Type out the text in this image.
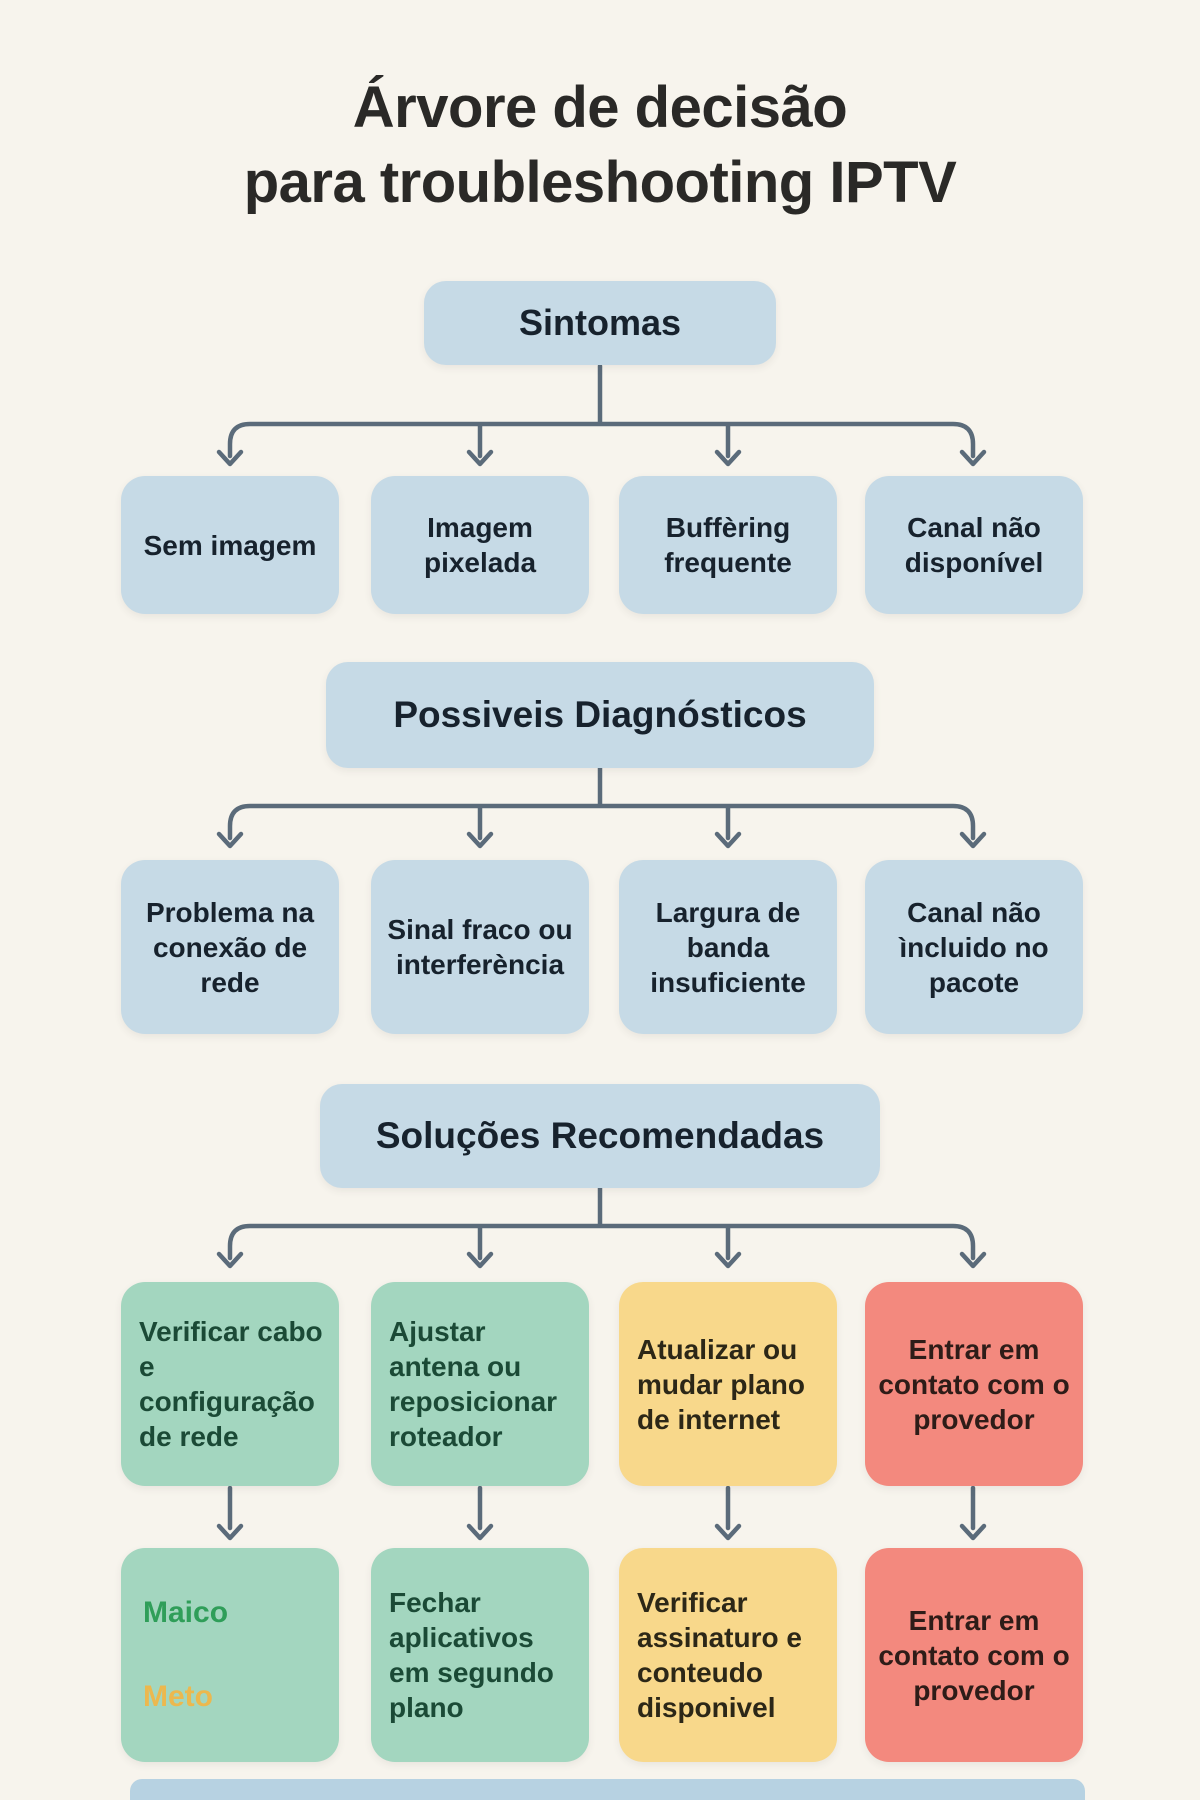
Árvore de decisão
para troubleshooting IPTV
Sintomas
Sem imagem
Imagem pixelada
Buffèring frequente
Canal não disponível
Possiveis Diagnósticos
Problema na conexão de rede
Sinal fraco ou interferència
Largura de banda insuficiente
Canal não ìncluido no pacote
Soluções Recomendadas
Verificar cabo e configuração de rede
Ajustar antena ou reposicionar roteador
Atualizar ou mudar plano de internet
Entrar em contato com o provedor
Maico
Meto
Fechar aplicativos em segundo plano
Verificar assinaturo e conteudo disponivel
Entrar em contato com o provedor
